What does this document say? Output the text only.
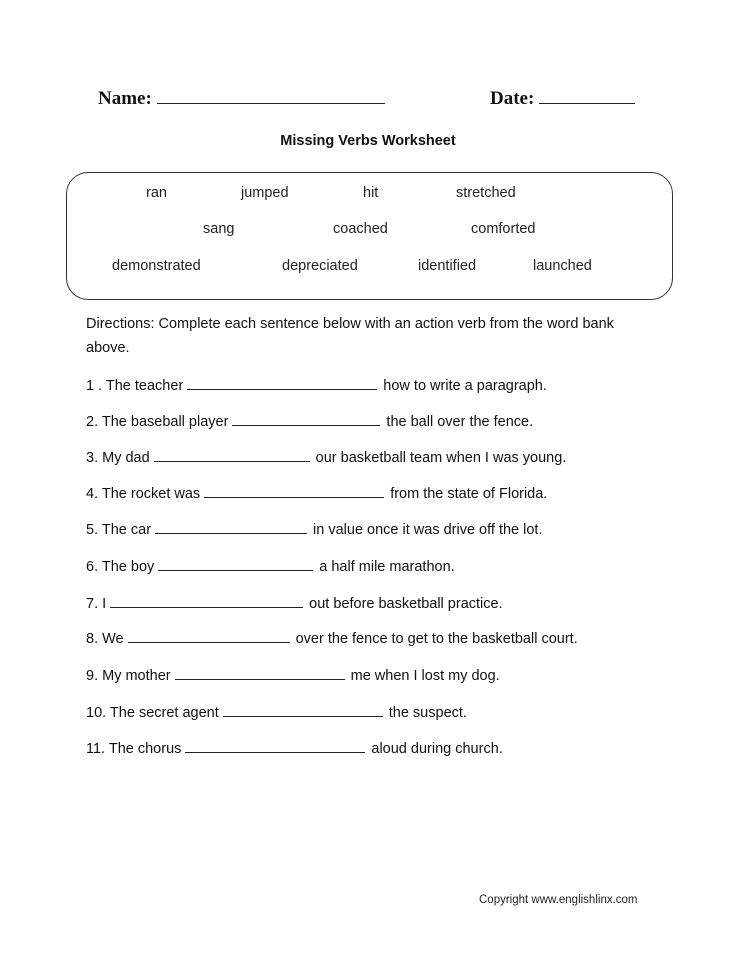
Name:	Date:
Missing Verbs Worksheet
ran	jumped	hit	stretched
sang	coached	comforted
demonstrated	depreciated	identified	launched
Directions: Complete each sentence below with an action verb from the word bank above.
1 . The teacher	how to write a paragraph.
2. The baseball player	the ball over the fence.
3. My dad	our basketball team when I was young.
4. The rocket was	from the state of Florida.
5. The car	in value once it was drive off the lot.
6. The boy	a half mile marathon.
7. I	out before basketball practice.
8. We	over the fence to get to the basketball court.
9. My mother	me when I lost my dog.
10. The secret agent	the suspect.
11. The chorus	aloud during church.
Copyright www.englishlinx.com
